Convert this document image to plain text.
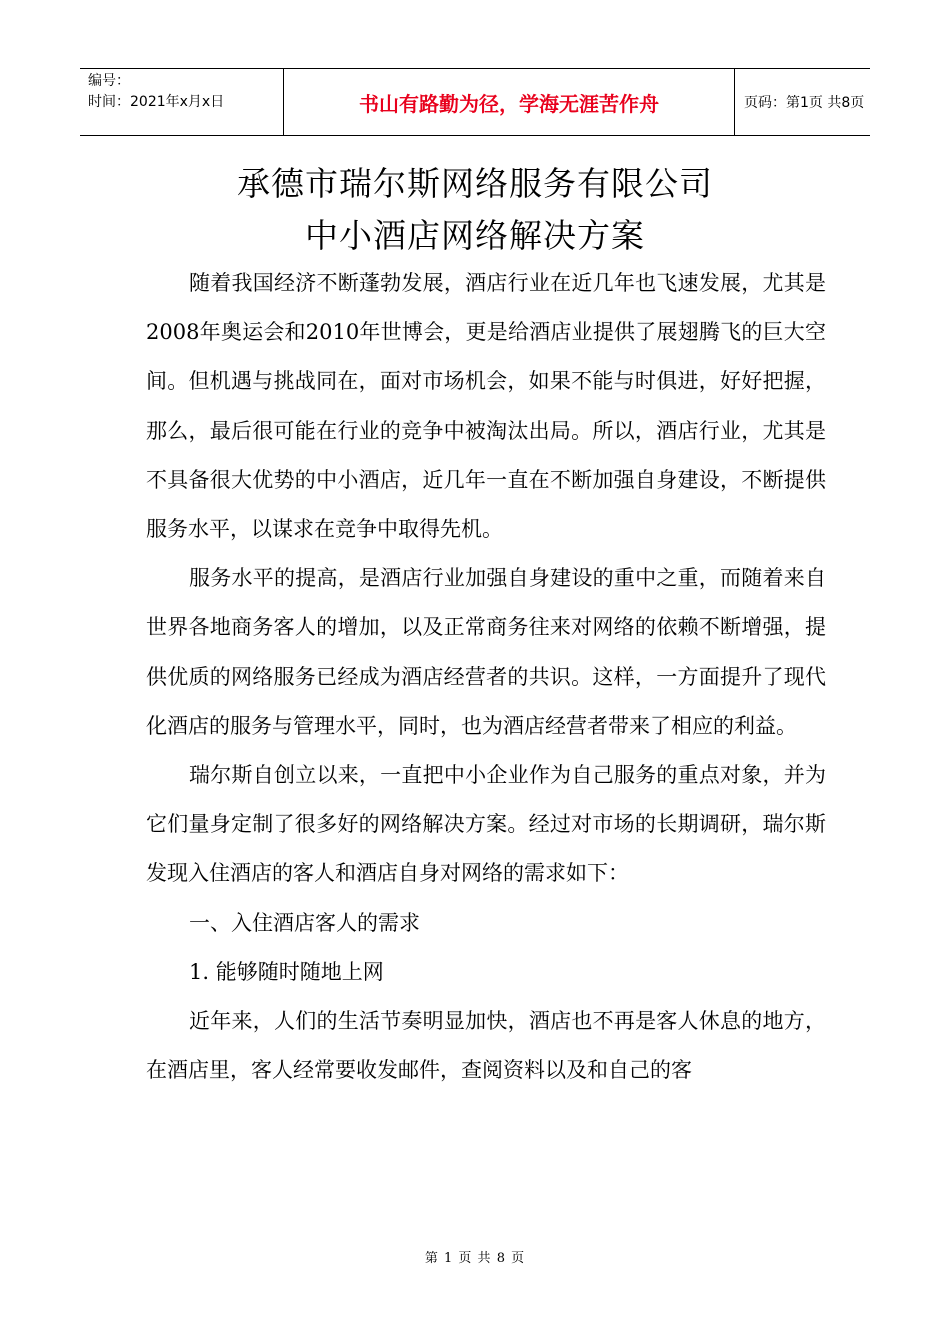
编号：
时间：2021年x月x日	书山有路勤为径，学海无涯苦作舟	页码：第1页 共8页
承德市瑞尔斯网络服务有限公司
中小酒店网络解决方案

随着我国经济不断蓬勃发展，酒店行业在近几年也飞速发展，尤其是2008年奥运会和2010年世博会，更是给酒店业提供了展翅腾飞的巨大空间。但机遇与挑战同在，面对市场机会，如果不能与时俱进，好好把握，那么，最后很可能在行业的竞争中被淘汰出局。所以，酒店行业，尤其是不具备很大优势的中小酒店，近几年一直在不断加强自身建设，不断提供服务水平，以谋求在竞争中取得先机。

服务水平的提高，是酒店行业加强自身建设的重中之重，而随着来自世界各地商务客人的增加，以及正常商务往来对网络的依赖不断增强，提供优质的网络服务已经成为酒店经营者的共识。这样，一方面提升了现代化酒店的服务与管理水平，同时，也为酒店经营者带来了相应的利益。

瑞尔斯自创立以来，一直把中小企业作为自己服务的重点对象，并为它们量身定制了很多好的网络解决方案。经过对市场的长期调研，瑞尔斯发现入住酒店的客人和酒店自身对网络的需求如下：

一、入住酒店客人的需求

1. 能够随时随地上网

近年来，人们的生活节奏明显加快，酒店也不再是客人休息的地方，在酒店里，客人经常要收发邮件，查阅资料以及和自己的客

第 1 页 共 8 页
